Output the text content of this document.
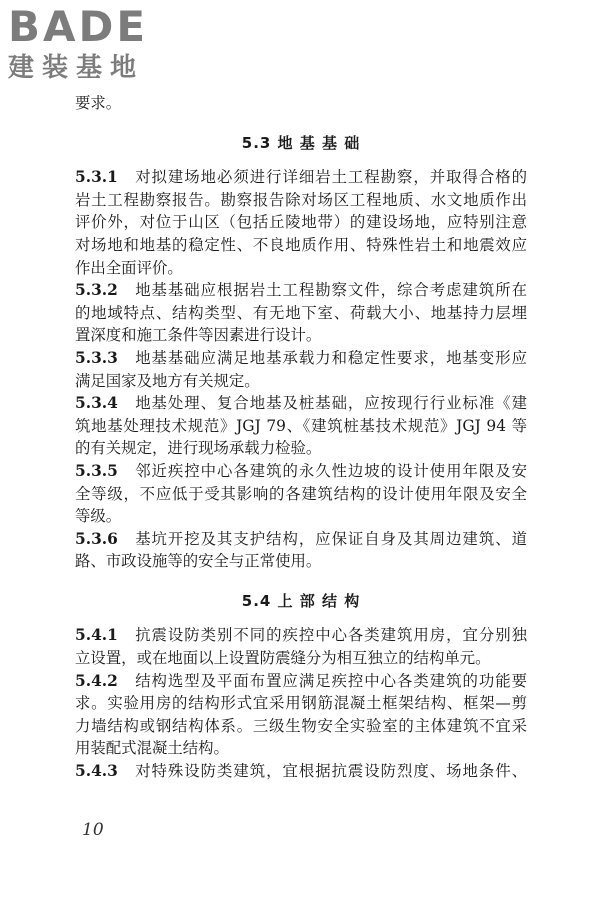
BADE
建装基地
要求。
5.3 地 基 基 础
5.3.1　 对拟建场地必须进行详细岩土工程勘察，并取得合格的
岩土工程勘察报告。勘察报告除对场区工程地质、水文地质作出
评价外，对位于山区（包括丘陵地带）的建设场地，应特别注意
对场地和地基的稳定性、不良地质作用、特殊性岩土和地震效应
作出全面评价。
5.3.2　 地基基础应根据岩土工程勘察文件，综合考虑建筑所在
的地域特点、结构类型、有无地下室、荷载大小、地基持力层埋
置深度和施工条件等因素进行设计。
5.3.3　 地基基础应满足地基承载力和稳定性要求，地基变形应
满足国家及地方有关规定。
5.3.4　 地基处理、复合地基及桩基础，应按现行行业标准《建
筑地基处理技术规范》JGJ 79、《建筑桩基技术规范》JGJ 94 等
的有关规定，进行现场承载力检验。
5.3.5　 邻近疾控中心各建筑的永久性边坡的设计使用年限及安
全等级，不应低于受其影响的各建筑结构的设计使用年限及安全
等级。
5.3.6　 基坑开挖及其支护结构，应保证自身及其周边建筑、道
路、市政设施等的安全与正常使用。
5.4 上 部 结 构
5.4.1　 抗震设防类别不同的疾控中心各类建筑用房，宜分别独
立设置，或在地面以上设置防震缝分为相互独立的结构单元。
5.4.2　 结构选型及平面布置应满足疾控中心各类建筑的功能要
求。实验用房的结构形式宜采用钢筋混凝土框架结构、框架—剪
力墙结构或钢结构体系。三级生物安全实验室的主体建筑不宜采
用装配式混凝土结构。
5.4.3　 对特殊设防类建筑，宜根据抗震设防烈度、场地条件、
10
